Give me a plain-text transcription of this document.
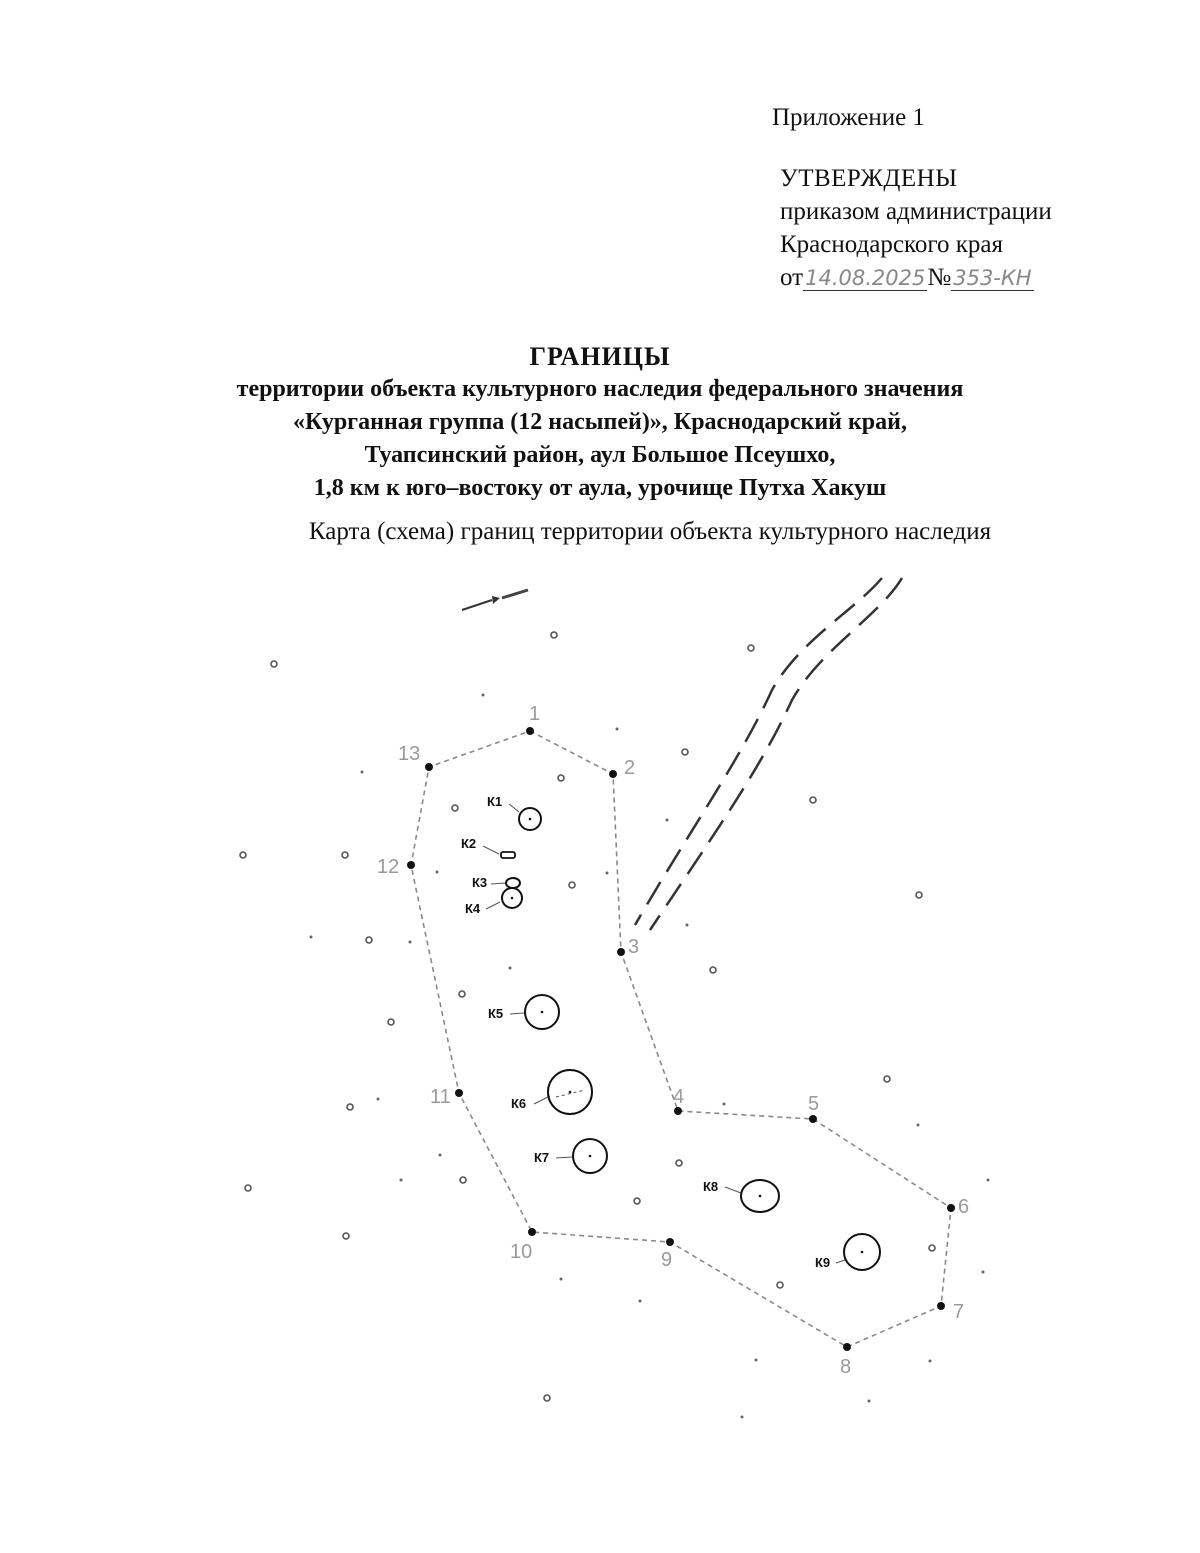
Приложение 1
УТВЕРЖДЕНЫ
приказом администрации
Краснодарского края
от14.08.2025№353-КН
ГРАНИЦЫ
территории объекта культурного наследия федерального значения
«Курганная группа (12 насыпей)», Краснодарский край,
Туапсинский район, аул Большое Псеушхо,
1,8 км к юго–востоку от аула, урочище Путха Хакуш
Карта (схема) границ территории объекта культурного наследия
1
2
3
4	5
6
7
8
9
10
11
12
13
К1
К2
К3
К4
К5
К6
К7
К8
К9
